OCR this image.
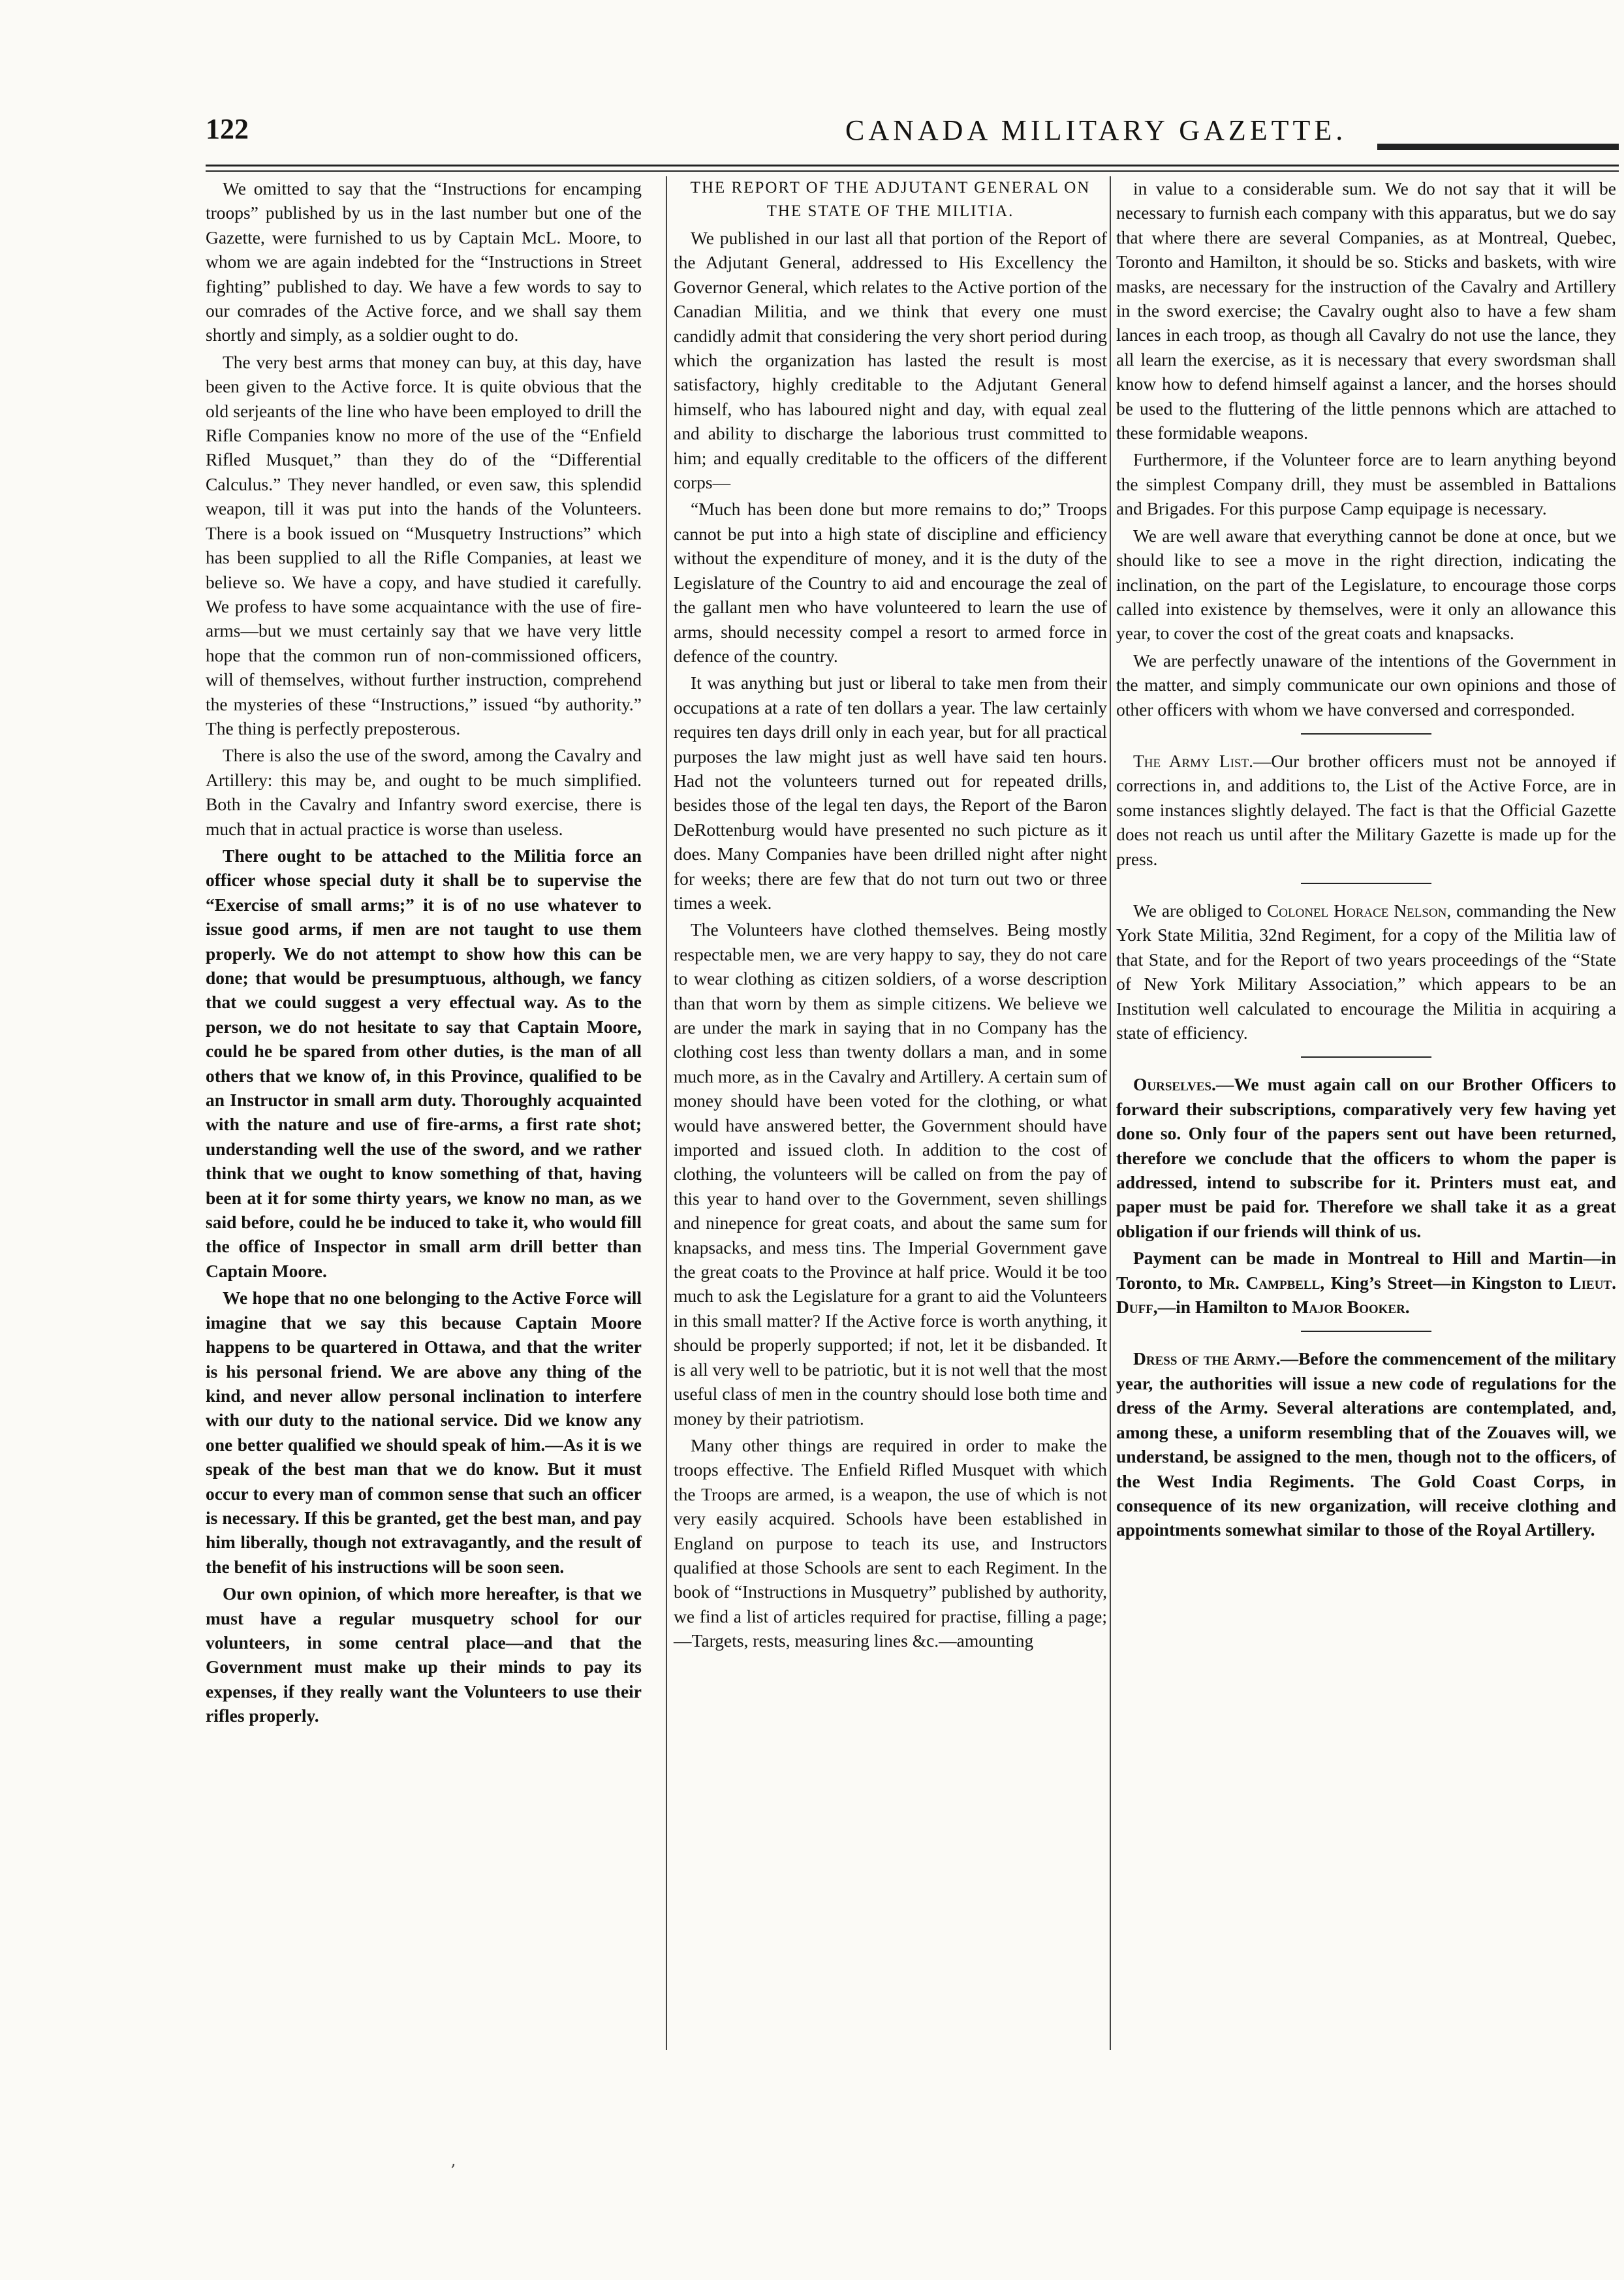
122	CANADA MILITARY GAZETTE.

We omitted to say that the “Instructions for encamping troops” published by us in the last number but one of the Gazette, were furnished to us by Captain McL. Moore, to whom we are again indebted for the “Instructions in Street fighting” published to day. We have a few words to say to our comrades of the Active force, and we shall say them shortly and simply, as a soldier ought to do.

The very best arms that money can buy, at this day, have been given to the Active force. It is quite obvious that the old serjeants of the line who have been employed to drill the Rifle Companies know no more of the use of the “Enfield Rifled Musquet,” than they do of the “Differential Calculus.” They never handled, or even saw, this splendid weapon, till it was put into the hands of the Volunteers. There is a book issued on “Musquetry Instructions” which has been supplied to all the Rifle Companies, at least we believe so. We have a copy, and have studied it carefully. We profess to have some acquaintance with the use of fire-arms—but we must certainly say that we have very little hope that the common run of non-commissioned officers, will of themselves, without further instruction, comprehend the mysteries of these “Instructions,” issued “by authority.” The thing is perfectly preposterous.

There is also the use of the sword, among the Cavalry and Artillery: this may be, and ought to be much simplified. Both in the Cavalry and Infantry sword exercise, there is much that in actual practice is worse than useless.

There ought to be attached to the Militia force an officer whose special duty it shall be to supervise the “Exercise of small arms;” it is of no use whatever to issue good arms, if men are not taught to use them properly. We do not attempt to show how this can be done; that would be presumptuous, although, we fancy that we could suggest a very effectual way. As to the person, we do not hesitate to say that Captain Moore, could he be spared from other duties, is the man of all others that we know of, in this Province, qualified to be an Instructor in small arm duty. Thoroughly acquainted with the nature and use of fire-arms, a first rate shot; understanding well the use of the sword, and we rather think that we ought to know something of that, having been at it for some thirty years, we know no man, as we said before, could he be induced to take it, who would fill the office of Inspector in small arm drill better than Captain Moore.

We hope that no one belonging to the Active Force will imagine that we say this because Captain Moore happens to be quartered in Ottawa, and that the writer is his personal friend. We are above any thing of the kind, and never allow personal inclination to interfere with our duty to the national service. Did we know any one better qualified we should speak of him.—As it is we speak of the best man that we do know. But it must occur to every man of common sense that such an officer is necessary. If this be granted, get the best man, and pay him liberally, though not extravagantly, and the result of the benefit of his instructions will be soon seen.

Our own opinion, of which more hereafter, is that we must have a regular musquetry school for our volunteers, in some central place—and that the Government must make up their minds to pay its expenses, if they really want the Volunteers to use their rifles properly.

THE REPORT OF THE ADJUTANT GENERAL ON THE STATE OF THE MILITIA.

We published in our last all that portion of the Report of the Adjutant General, addressed to His Excellency the Governor General, which relates to the Active portion of the Canadian Militia, and we think that every one must candidly admit that considering the very short period during which the organization has lasted the result is most satisfactory, highly creditable to the Adjutant General himself, who has laboured night and day, with equal zeal and ability to discharge the laborious trust committed to him; and equally creditable to the officers of the different corps—

“Much has been done but more remains to do;” Troops cannot be put into a high state of discipline and efficiency without the expenditure of money, and it is the duty of the Legislature of the Country to aid and encourage the zeal of the gallant men who have volunteered to learn the use of arms, should necessity compel a resort to armed force in defence of the country.

It was anything but just or liberal to take men from their occupations at a rate of ten dollars a year. The law certainly requires ten days drill only in each year, but for all practical purposes the law might just as well have said ten hours. Had not the volunteers turned out for repeated drills, besides those of the legal ten days, the Report of the Baron DeRottenburg would have presented no such picture as it does. Many Companies have been drilled night after night for weeks; there are few that do not turn out two or three times a week.

The Volunteers have clothed themselves. Being mostly respectable men, we are very happy to say, they do not care to wear clothing as citizen soldiers, of a worse description than that worn by them as simple citizens. We believe we are under the mark in saying that in no Company has the clothing cost less than twenty dollars a man, and in some much more, as in the Cavalry and Artillery. A certain sum of money should have been voted for the clothing, or what would have answered better, the Government should have imported and issued cloth. In addition to the cost of clothing, the volunteers will be called on from the pay of this year to hand over to the Government, seven shillings and ninepence for great coats, and about the same sum for knapsacks, and mess tins. The Imperial Government gave the great coats to the Province at half price. Would it be too much to ask the Legislature for a grant to aid the Volunteers in this small matter? If the Active force is worth anything, it should be properly supported; if not, let it be disbanded. It is all very well to be patriotic, but it is not well that the most useful class of men in the country should lose both time and money by their patriotism.

Many other things are required in order to make the troops effective. The Enfield Rifled Musquet with which the Troops are armed, is a weapon, the use of which is not very easily acquired. Schools have been established in England on purpose to teach its use, and Instructors qualified at those Schools are sent to each Regiment. In the book of “Instructions in Musquetry” published by authority, we find a list of articles required for practise, filling a page;—Targets, rests, measuring lines &c.—amounting

in value to a considerable sum. We do not say that it will be necessary to furnish each company with this apparatus, but we do say that where there are several Companies, as at Montreal, Quebec, Toronto and Hamilton, it should be so. Sticks and baskets, with wire masks, are necessary for the instruction of the Cavalry and Artillery in the sword exercise; the Cavalry ought also to have a few sham lances in each troop, as though all Cavalry do not use the lance, they all learn the exercise, as it is necessary that every swordsman shall know how to defend himself against a lancer, and the horses should be used to the fluttering of the little pennons which are attached to these formidable weapons.

Furthermore, if the Volunteer force are to learn anything beyond the simplest Company drill, they must be assembled in Battalions and Brigades. For this purpose Camp equipage is necessary.

We are well aware that everything cannot be done at once, but we should like to see a move in the right direction, indicating the inclination, on the part of the Legislature, to encourage those corps called into existence by themselves, were it only an allowance this year, to cover the cost of the great coats and knapsacks.

We are perfectly unaware of the intentions of the Government in the matter, and simply communicate our own opinions and those of other officers with whom we have conversed and corresponded.

The Army List.—Our brother officers must not be annoyed if corrections in, and additions to, the List of the Active Force, are in some instances slightly delayed. The fact is that the Official Gazette does not reach us until after the Military Gazette is made up for the press.

We are obliged to Colonel Horace Nelson, commanding the New York State Militia, 32nd Regiment, for a copy of the Militia law of that State, and for the Report of two years proceedings of the “State of New York Military Association,” which appears to be an Institution well calculated to encourage the Militia in acquiring a state of efficiency.

Ourselves.—We must again call on our Brother Officers to forward their subscriptions, comparatively very few having yet done so. Only four of the papers sent out have been returned, therefore we conclude that the officers to whom the paper is addressed, intend to subscribe for it. Printers must eat, and paper must be paid for. Therefore we shall take it as a great obligation if our friends will think of us.

Payment can be made in Montreal to Hill and Martin—in Toronto, to Mr. Campbell, King’s Street—in Kingston to Lieut. Duff,—in Hamilton to Major Booker.

Dress of the Army.—Before the commencement of the military year, the authorities will issue a new code of regulations for the dress of the Army. Several alterations are contemplated, and, among these, a uniform resembling that of the Zouaves will, we understand, be assigned to the men, though not to the officers, of the West India Regiments. The Gold Coast Corps, in consequence of its new organization, will receive clothing and appointments somewhat similar to those of the Royal Artillery.

’
